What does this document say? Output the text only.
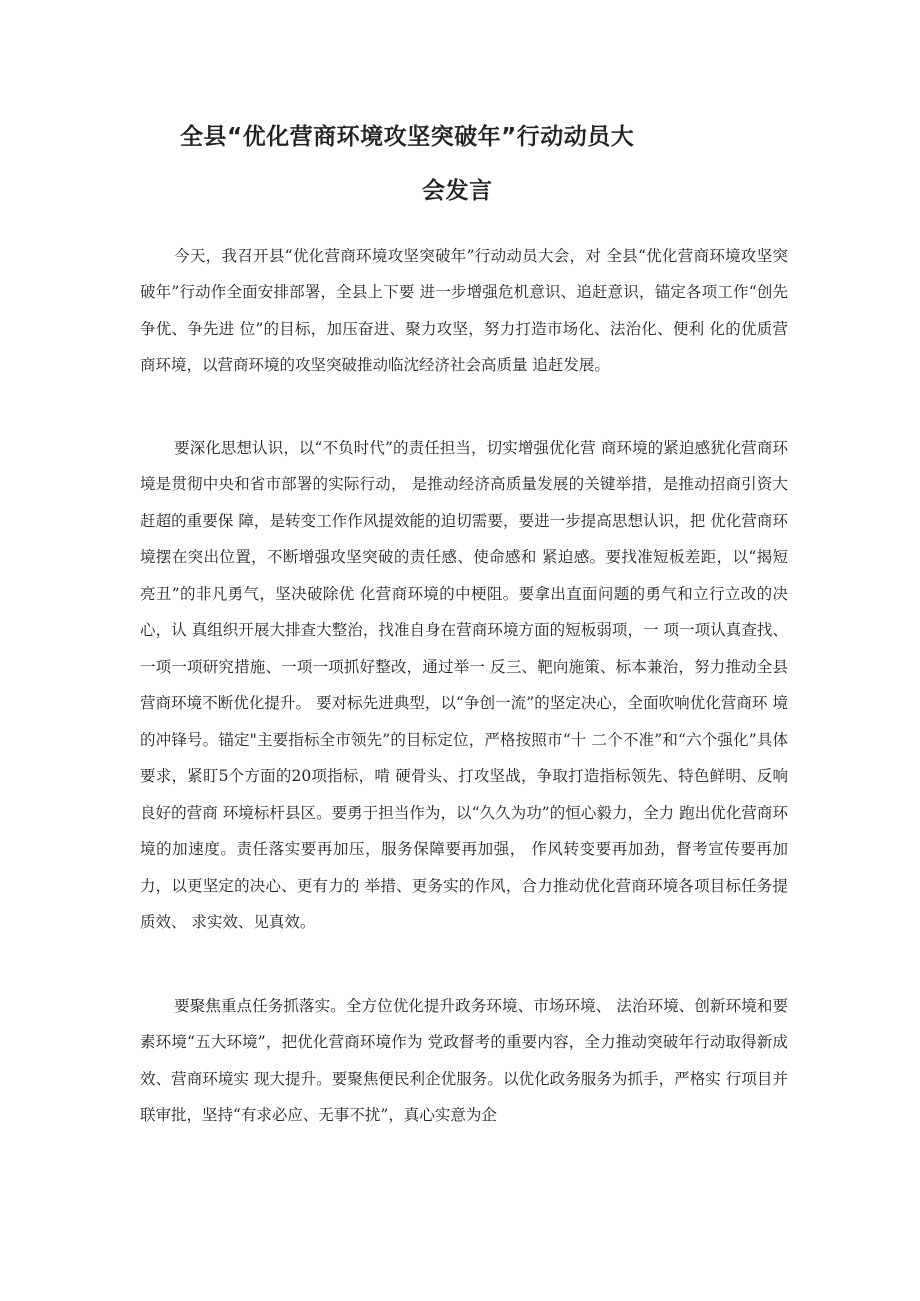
全县“优化营商环境攻坚突破年”行动动员大
会发言

今天，我召开县“优化营商环境攻坚突破年”行动动员大会，对 全县“优化营商环境攻坚突破年”行动作全面安排部署，全县上下要 进一步增强危机意识、追赶意识，锚定各项工作“创先争优、争先进 位”的目标，加压奋进、聚力攻坚，努力打造市场化、法治化、便利 化的优质营商环境，以营商环境的攻坚突破推动临沈经济社会高质量 追赶发展。

要深化思想认识，以“不负时代”的责任担当，切实增强优化营 商环境的紧迫感犹化营商环境是贯彻中央和省市部署的实际行动， 是推动经济高质量发展的关键举措，是推动招商引资大赶超的重要保 障，是转变工作作风提效能的迫切需要，要进一步提高思想认识，把 优化营商环境摆在突出位置，不断增强攻坚突破的责任感、使命感和 紧迫感。要找准短板差距，以“揭短亮丑”的非凡勇气，坚决破除优 化营商环境的中梗阻。要拿出直面问题的勇气和立行立改的决心，认 真组织开展大排查大整治，找准自身在营商环境方面的短板弱项，一 项一项认真查找、一项一项研究措施、一项一项抓好整改，通过举一 反三、靶向施策、标本兼治，努力推动全县营商环境不断优化提升。 要对标先进典型，以“争创一流”的坚定决心，全面吹响优化营商环 境的冲锋号。锚定"主要指标全市领先”的目标定位，严格按照市“十 二个不准”和“六个强化”具体要求，紧盯5个方面的20项指标，啃 硬骨头、打攻坚战，争取打造指标领先、特色鲜明、反响良好的营商 环境标杆县区。要勇于担当作为，以“久久为功”的恒心毅力，全力 跑出优化营商环境的加速度。责任落实要再加压，服务保障要再加强， 作风转变要再加劲，督考宣传要再加力，以更坚定的决心、更有力的 举措、更务实的作风，合力推动优化营商环境各项目标任务提质效、 求实效、见真效。

要聚焦重点任务抓落实。全方位优化提升政务环境、市场环境、 法治环境、创新环境和要素环境“五大环境”，把优化营商环境作为 党政督考的重要内容，全力推动突破年行动取得新成效、营商环境实 现大提升。要聚焦便民利企优服务。以优化政务服务为抓手，严格实 行项目并联审批，坚持“有求必应、无事不扰”，真心实意为企
